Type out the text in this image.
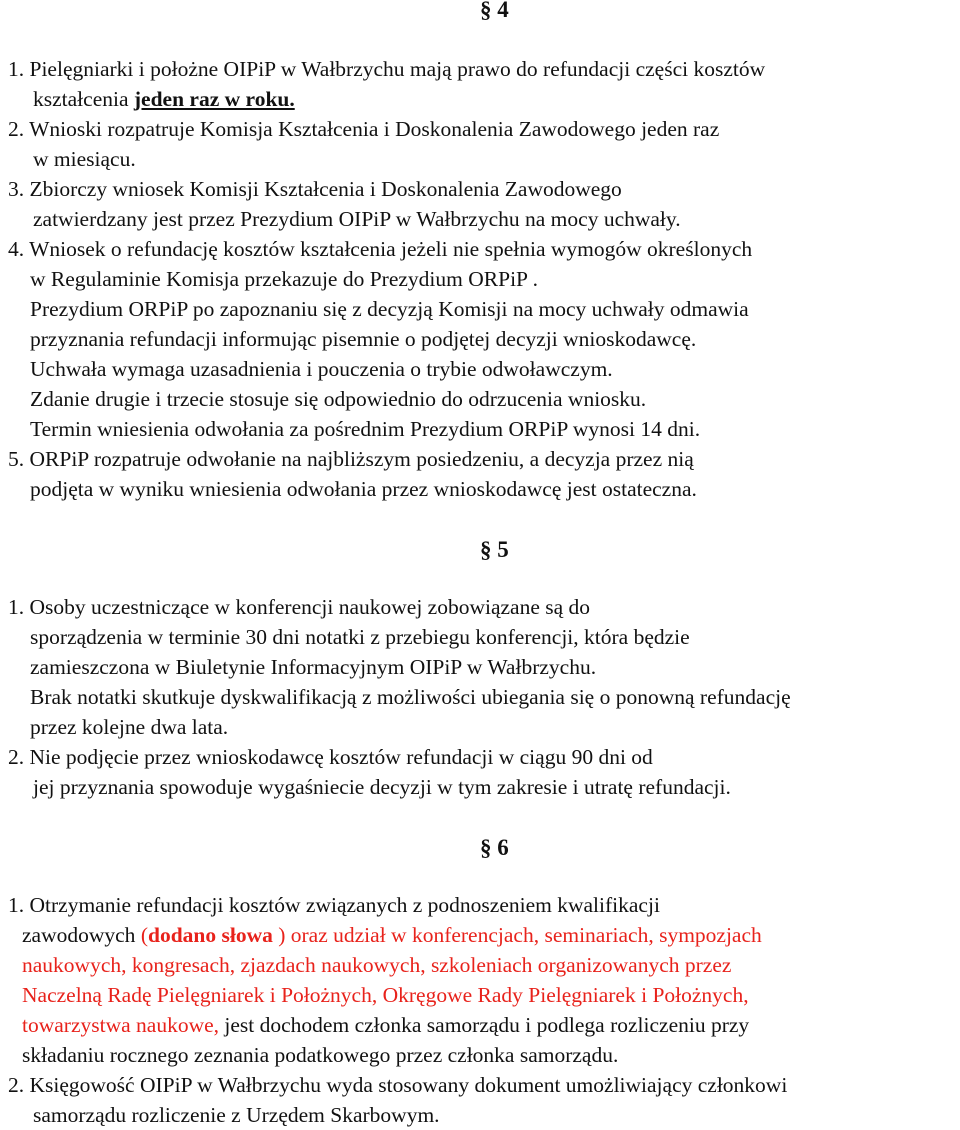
§ 4
1. Pielęgniarki i położne OIPiP w Wałbrzychu mają prawo do refundacji części kosztów
kształcenia jeden raz w roku.
2. Wnioski rozpatruje Komisja Kształcenia i Doskonalenia Zawodowego jeden raz
w miesiącu.
3. Zbiorczy wniosek Komisji Kształcenia i Doskonalenia Zawodowego
zatwierdzany jest przez Prezydium OIPiP w Wałbrzychu na mocy uchwały.
4. Wniosek o refundację kosztów kształcenia jeżeli nie spełnia wymogów określonych
w Regulaminie Komisja przekazuje do Prezydium ORPiP .
Prezydium ORPiP po zapoznaniu się z decyzją Komisji na mocy uchwały odmawia
przyznania refundacji informując pisemnie o podjętej decyzji wnioskodawcę.
Uchwała wymaga uzasadnienia i pouczenia o trybie odwoławczym.
Zdanie drugie i trzecie stosuje się odpowiednio do odrzucenia wniosku.
Termin wniesienia odwołania za pośrednim Prezydium ORPiP wynosi 14 dni.
5. ORPiP rozpatruje odwołanie na najbliższym posiedzeniu, a decyzja przez nią
podjęta w wyniku wniesienia odwołania przez wnioskodawcę jest ostateczna.
§ 5
1. Osoby uczestniczące w konferencji naukowej zobowiązane są do
sporządzenia w terminie 30 dni notatki z przebiegu konferencji, która będzie
zamieszczona w Biuletynie Informacyjnym OIPiP w Wałbrzychu.
Brak notatki skutkuje dyskwalifikacją z możliwości ubiegania się o ponowną refundację
przez kolejne dwa lata.
2. Nie podjęcie przez wnioskodawcę kosztów refundacji w ciągu 90 dni od
jej przyznania spowoduje wygaśniecie decyzji w tym zakresie i utratę refundacji.
§ 6
1. Otrzymanie refundacji kosztów związanych z podnoszeniem kwalifikacji
zawodowych (dodano słowa ) oraz udział w konferencjach, seminariach, sympozjach
naukowych, kongresach, zjazdach naukowych, szkoleniach organizowanych przez
Naczelną Radę Pielęgniarek i Położnych, Okręgowe Rady Pielęgniarek i Położnych,
towarzystwa naukowe, jest dochodem członka samorządu i podlega rozliczeniu przy
składaniu rocznego zeznania podatkowego przez członka samorządu.
2. Księgowość OIPiP w Wałbrzychu wyda stosowany dokument umożliwiający członkowi
samorządu rozliczenie z Urzędem Skarbowym.
